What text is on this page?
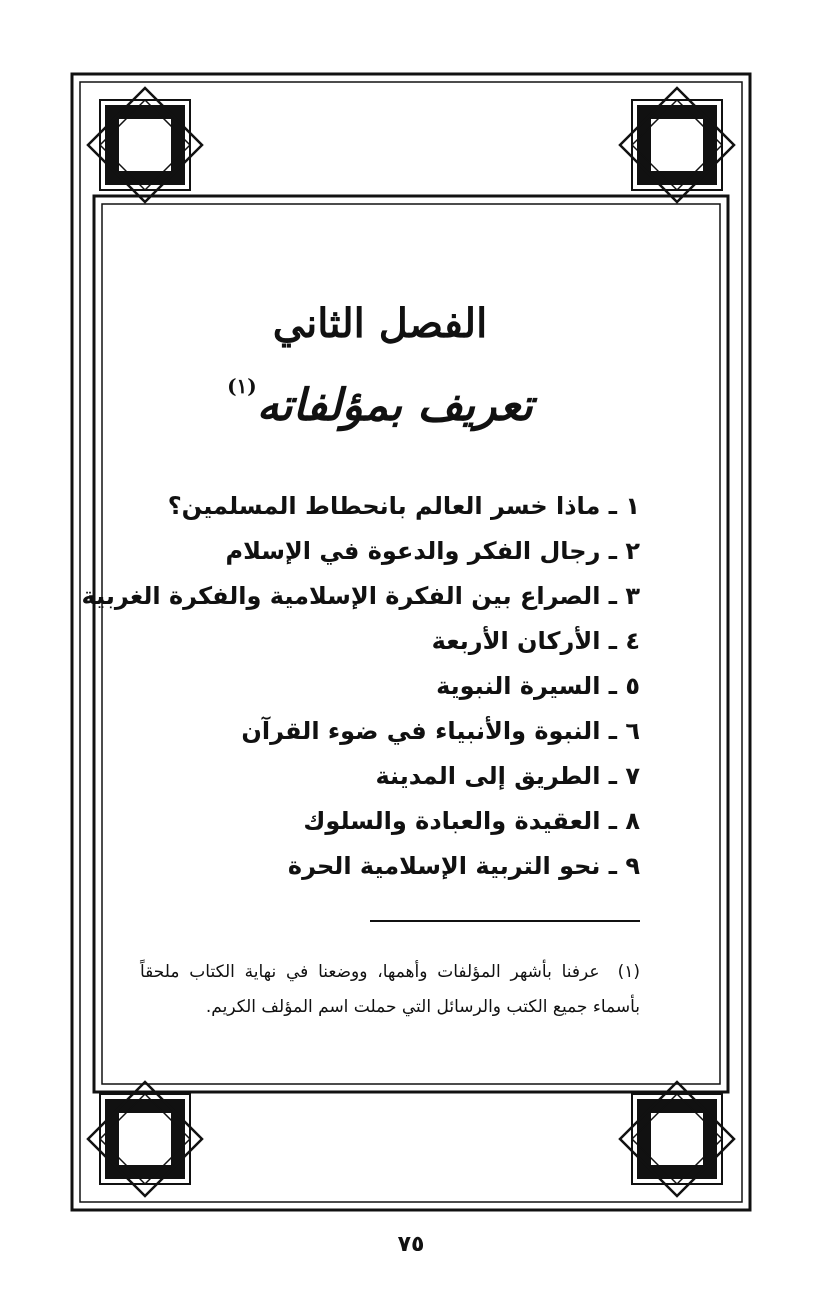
الفصل الثاني
تعريف بمؤلفاته$^{(١)}$
١ ـ ماذا خسر العالم بانحطاط المسلمين؟
٢ ـ رجال الفكر والدعوة في الإسلام
٣ ـ الصراع بين الفكرة الإسلامية والفكرة الغربية
٤ ـ الأركان الأربعة
٥ ـ السيرة النبوية
٦ ـ النبوة والأنبياء في ضوء القرآن
٧ ـ الطريق إلى المدينة
٨ ـ العقيدة والعبادة والسلوك
٩ ـ نحو التربية الإسلامية الحرة
(١)عرفنا بأشهر المؤلفات وأهمها، ووضعنا في نهاية الكتاب ملحقاً بأسماء جميع الكتب والرسائل التي حملت اسم المؤلف الكريم.
٧٥
